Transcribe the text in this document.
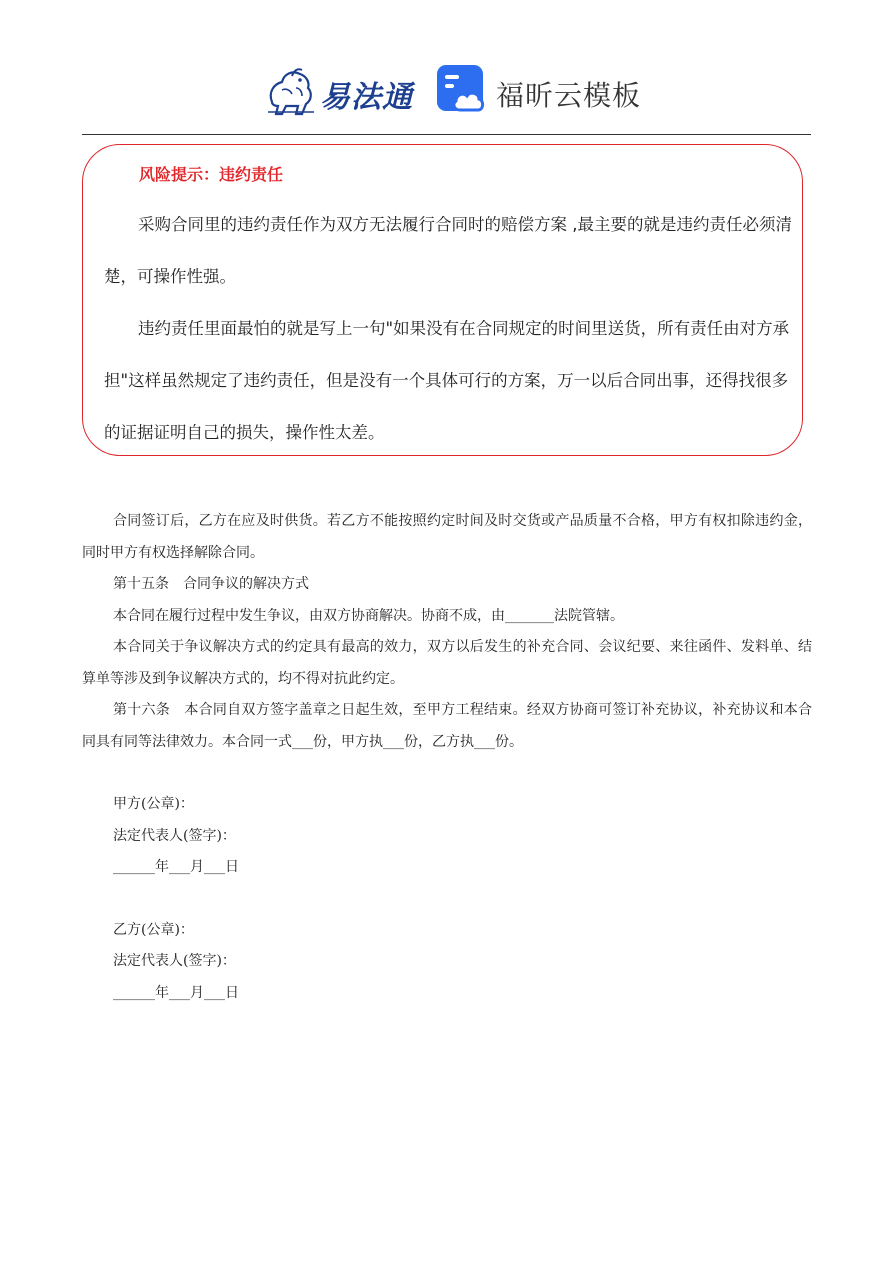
易法通	福昕云模板
风险提示：违约责任

采购合同里的违约责任作为双方无法履行合同时的赔偿方案 ,最主要的就是违约责任必须清楚，可操作性强。

违约责任里面最怕的就是写上一句"如果没有在合同规定的时间里送货，所有责任由对方承担"这样虽然规定了违约责任，但是没有一个具体可行的方案，万一以后合同出事，还得找很多的证据证明自己的损失，操作性太差。

合同签订后，乙方在应及时供货。若乙方不能按照约定时间及时交货或产品质量不合格，甲方有权扣除违约金，同时甲方有权选择解除合同。

第十五条　合同争议的解决方式

本合同在履行过程中发生争议，由双方协商解决。协商不成，由_______法院管辖。

本合同关于争议解决方式的约定具有最高的效力，双方以后发生的补充合同、会议纪要、来往函件、发料单、结算单等涉及到争议解决方式的，均不得对抗此约定。

第十六条　本合同自双方签字盖章之日起生效，至甲方工程结束。经双方协商可签订补充协议，补充协议和本合同具有同等法律效力。本合同一式___份，甲方执___份，乙方执___份。

甲方(公章)：

法定代表人(签字)：

______年___月___日

乙方(公章)：

法定代表人(签字)：

______年___月___日
